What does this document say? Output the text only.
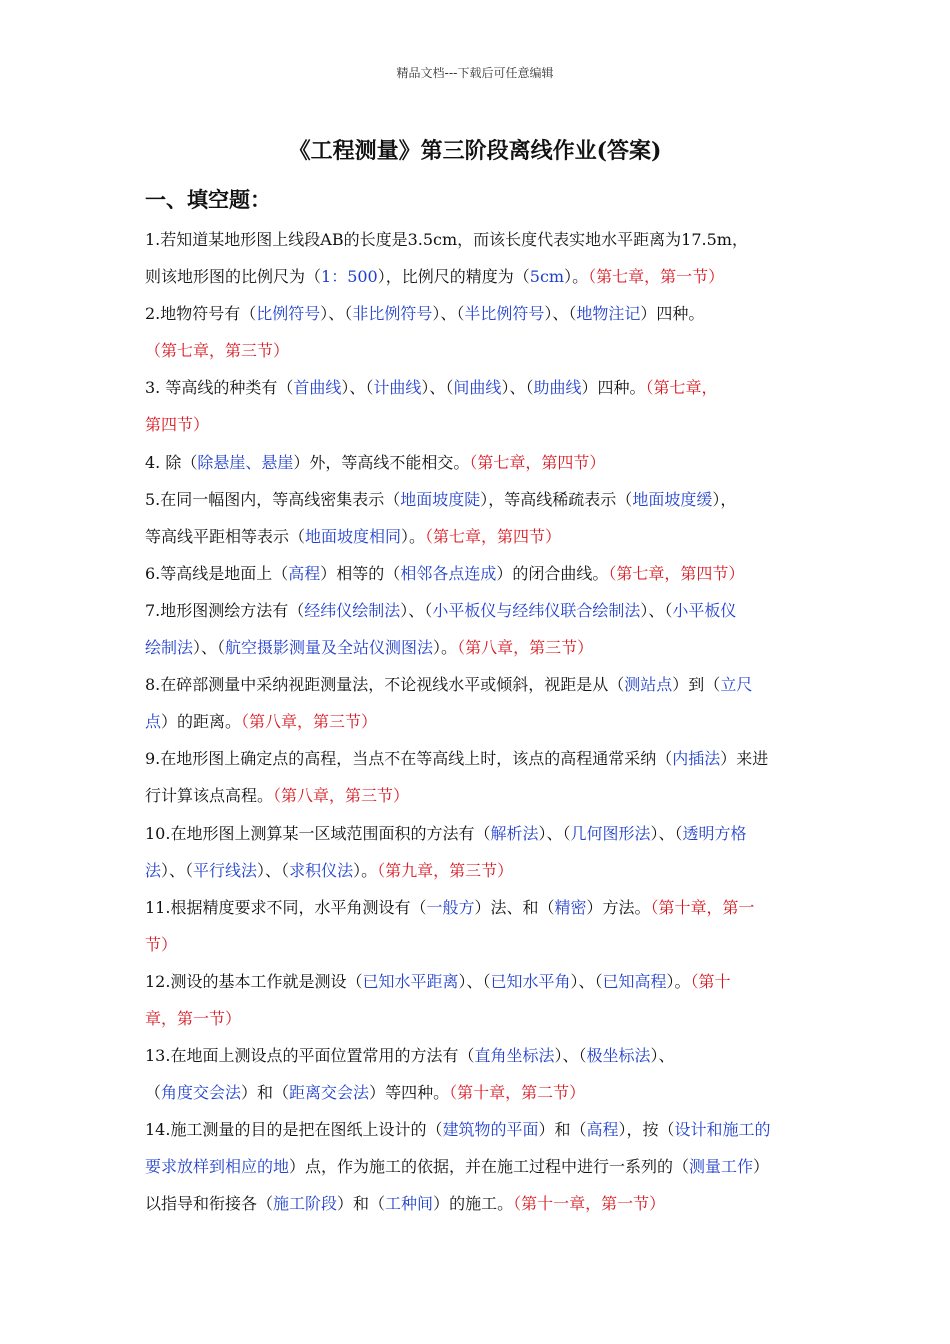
精品文档---下载后可任意编辑
《工程测量》第三阶段离线作业(答案)
一、填空题：
1.若知道某地形图上线段AB的长度是3.5cm，而该长度代表实地水平距离为17.5m，
则该地形图的比例尺为（1：500），比例尺的精度为（5cm）。（第七章，第一节）
2.地物符号有（比例符号）、（非比例符号）、（半比例符号）、（地物注记）四种。
（第七章，第三节）
3. 等高线的种类有（首曲线）、（计曲线）、（间曲线）、（助曲线）四种。（第七章，
第四节）
4. 除（除悬崖、悬崖）外，等高线不能相交。（第七章，第四节）
5.在同一幅图内，等高线密集表示（地面坡度陡），等高线稀疏表示（地面坡度缓），
等高线平距相等表示（地面坡度相同）。（第七章，第四节）
6.等高线是地面上（高程）相等的（相邻各点连成）的闭合曲线。（第七章，第四节）
7.地形图测绘方法有（经纬仪绘制法）、（小平板仪与经纬仪联合绘制法）、（小平板仪
绘制法）、（航空摄影测量及全站仪测图法）。（第八章，第三节）
8.在碎部测量中采纳视距测量法，不论视线水平或倾斜，视距是从（测站点）到（立尺
点）的距离。（第八章，第三节）
9.在地形图上确定点的高程，当点不在等高线上时，该点的高程通常采纳（内插法）来进
行计算该点高程。（第八章，第三节）
10.在地形图上测算某一区域范围面积的方法有（解析法）、（几何图形法）、（透明方格
法）、（平行线法）、（求积仪法）。（第九章，第三节）
11.根据精度要求不同，水平角测设有（一般方）法、和（精密）方法。（第十章，第一
节）
12.测设的基本工作就是测设（已知水平距离）、（已知水平角）、（已知高程）。（第十
章，第一节）
13.在地面上测设点的平面位置常用的方法有（直角坐标法）、（极坐标法）、
（角度交会法）和（距离交会法）等四种。（第十章，第二节）
14.施工测量的目的是把在图纸上设计的（建筑物的平面）和（高程），按（设计和施工的
要求放样到相应的地）点，作为施工的依据，并在施工过程中进行一系列的（测量工作）
以指导和衔接各（施工阶段）和（工种间）的施工。（第十一章，第一节）
